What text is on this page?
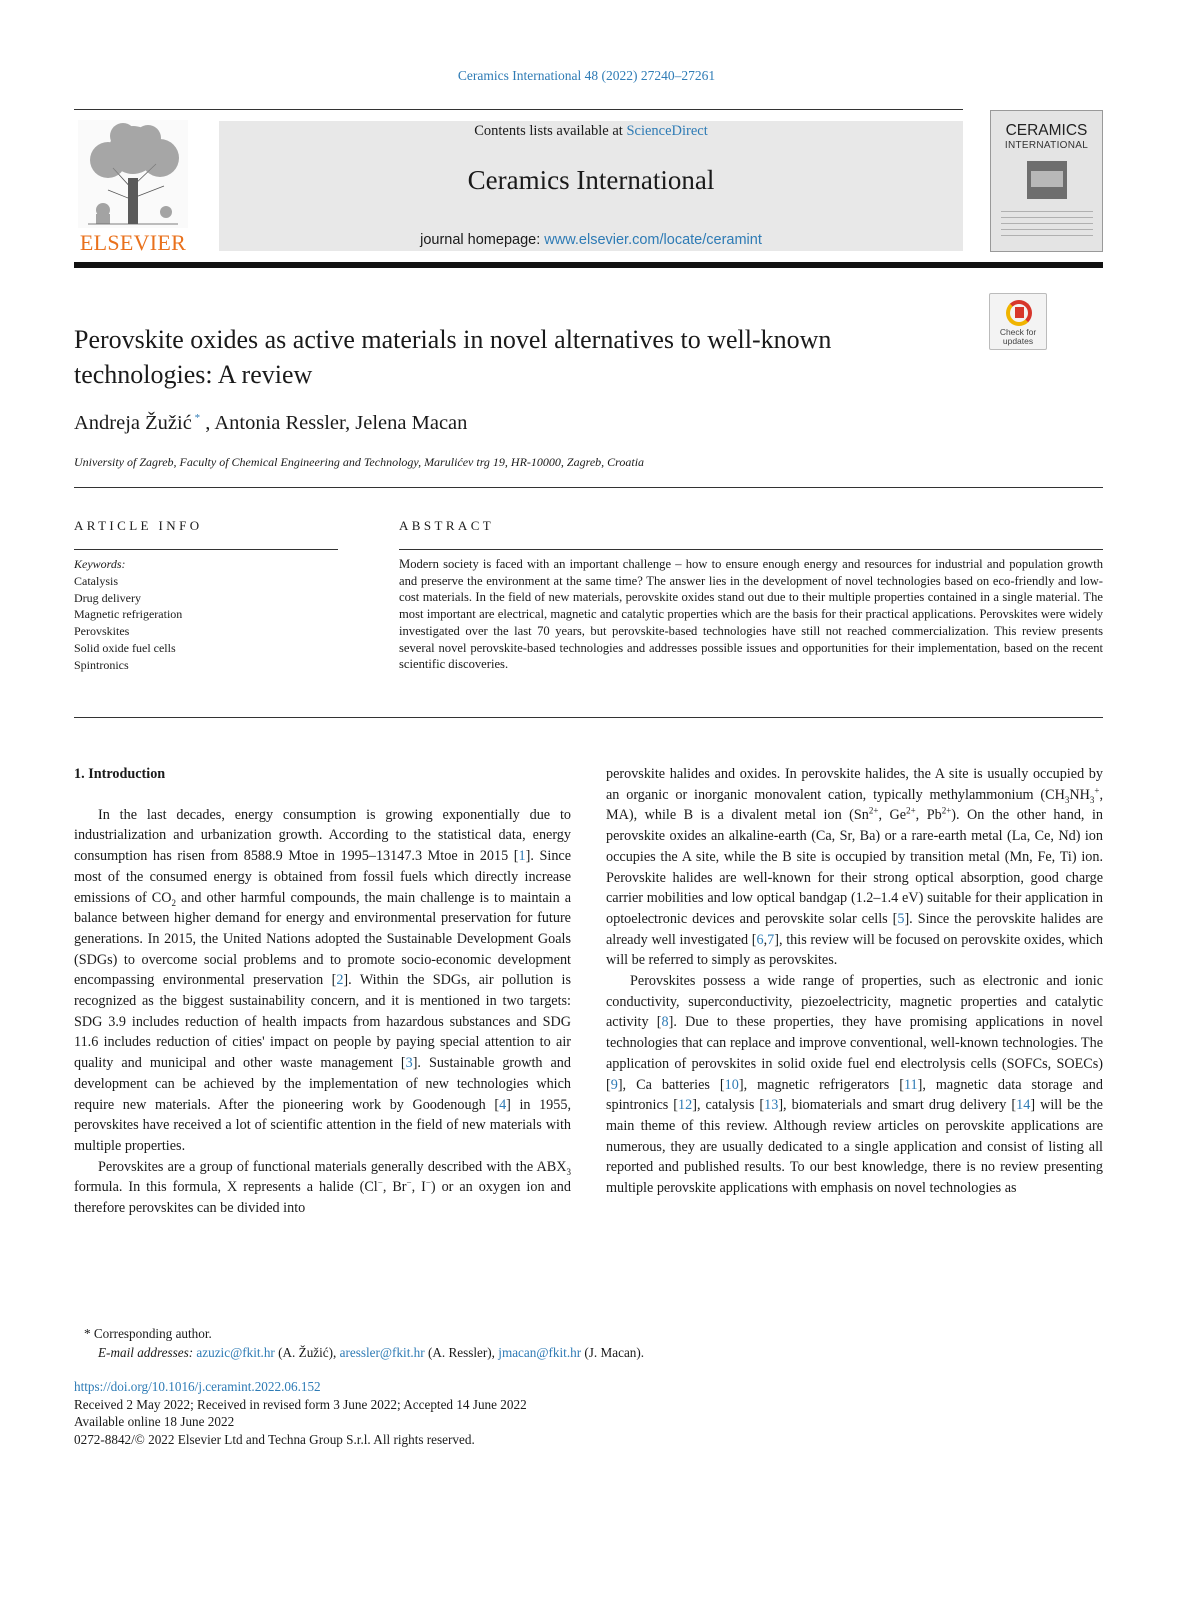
Ceramics International 48 (2022) 27240–27261
ELSEVIER
Contents lists available at ScienceDirect
Ceramics International
journal homepage: www.elsevier.com/locate/ceramint
CERAMICS
INTERNATIONAL
Perovskite oxides as active materials in novel alternatives to well-known technologies: A review
Check for updates
Andreja Žužić * , Antonia Ressler, Jelena Macan
University of Zagreb, Faculty of Chemical Engineering and Technology, Marulićev trg 19, HR-10000, Zagreb, Croatia
ARTICLE INFO	ABSTRACT
Keywords:
Catalysis
Drug delivery
Magnetic refrigeration
Perovskites
Solid oxide fuel cells
Spintronics
Modern society is faced with an important challenge – how to ensure enough energy and resources for industrial and population growth and preserve the environment at the same time? The answer lies in the development of novel technologies based on eco-friendly and low-cost materials. In the field of new materials, perovskite oxides stand out due to their multiple properties contained in a single material. The most important are electrical, magnetic and catalytic properties which are the basis for their practical applications. Perovskites were widely investigated over the last 70 years, but perovskite-based technologies have still not reached commercialization. This review presents several novel perovskite-based technologies and addresses possible issues and opportunities for their implementation, based on the recent scientific discoveries.

1. Introduction

In the last decades, energy consumption is growing exponentially due to industrialization and urbanization growth. According to the statistical data, energy consumption has risen from 8588.9 Mtoe in 1995–13147.3 Mtoe in 2015 [1]. Since most of the consumed energy is obtained from fossil fuels which directly increase emissions of $CO_2$ and other harmful compounds, the main challenge is to maintain a balance between higher demand for energy and environmental preservation for future generations. In 2015, the United Nations adopted the Sustainable Development Goals (SDGs) to overcome social problems and to promote socio-economic development encompassing environmental preservation [2]. Within the SDGs, air pollution is recognized as the biggest sustainability concern, and it is mentioned in two targets: SDG 3.9 includes reduction of health impacts from hazardous substances and SDG 11.6 includes reduction of cities' impact on people by paying special attention to air quality and municipal and other waste management [3]. Sustainable growth and development can be achieved by the implementation of new technologies which require new materials. After the pioneering work by Goodenough [4] in 1955, perovskites have received a lot of scientific attention in the field of new materials with multiple properties.

Perovskites are a group of functional materials generally described with the $ABX_3$ formula. In this formula, X represents a halide (Cl−, Br−, I−) or an oxygen ion and therefore perovskites can be divided into

perovskite halides and oxides. In perovskite halides, the A site is usually occupied by an organic or inorganic monovalent cation, typically methylammonium ($CH_3NH_3^+$, MA), while B is a divalent metal ion ($Sn^{2+}$, $Ge^{2+}$, $Pb^{2+}$). On the other hand, in perovskite oxides an alkaline-earth (Ca, Sr, Ba) or a rare-earth metal (La, Ce, Nd) ion occupies the A site, while the B site is occupied by transition metal (Mn, Fe, Ti) ion. Perovskite halides are well-known for their strong optical absorption, good charge carrier mobilities and low optical bandgap (1.2–1.4 eV) suitable for their application in optoelectronic devices and perovskite solar cells [5]. Since the perovskite halides are already well investigated [6,7], this review will be focused on perovskite oxides, which will be referred to simply as perovskites.

Perovskites possess a wide range of properties, such as electronic and ionic conductivity, superconductivity, piezoelectricity, magnetic properties and catalytic activity [8]. Due to these properties, they have promising applications in novel technologies that can replace and improve conventional, well-known technologies. The application of perovskites in solid oxide fuel end electrolysis cells (SOFCs, SOECs) [9], Ca batteries [10], magnetic refrigerators [11], magnetic data storage and spintronics [12], catalysis [13], biomaterials and smart drug delivery [14] will be the main theme of this review. Although review articles on perovskite applications are numerous, they are usually dedicated to a single application and consist of listing all reported and published results. To our best knowledge, there is no review presenting multiple perovskite applications with emphasis on novel technologies as

* Corresponding author.
E-mail addresses: azuzic@fkit.hr (A. Žužić), aressler@fkit.hr (A. Ressler), jmacan@fkit.hr (J. Macan).
https://doi.org/10.1016/j.ceramint.2022.06.152
Received 2 May 2022; Received in revised form 3 June 2022; Accepted 14 June 2022
Available online 18 June 2022
0272-8842/© 2022 Elsevier Ltd and Techna Group S.r.l. All rights reserved.
